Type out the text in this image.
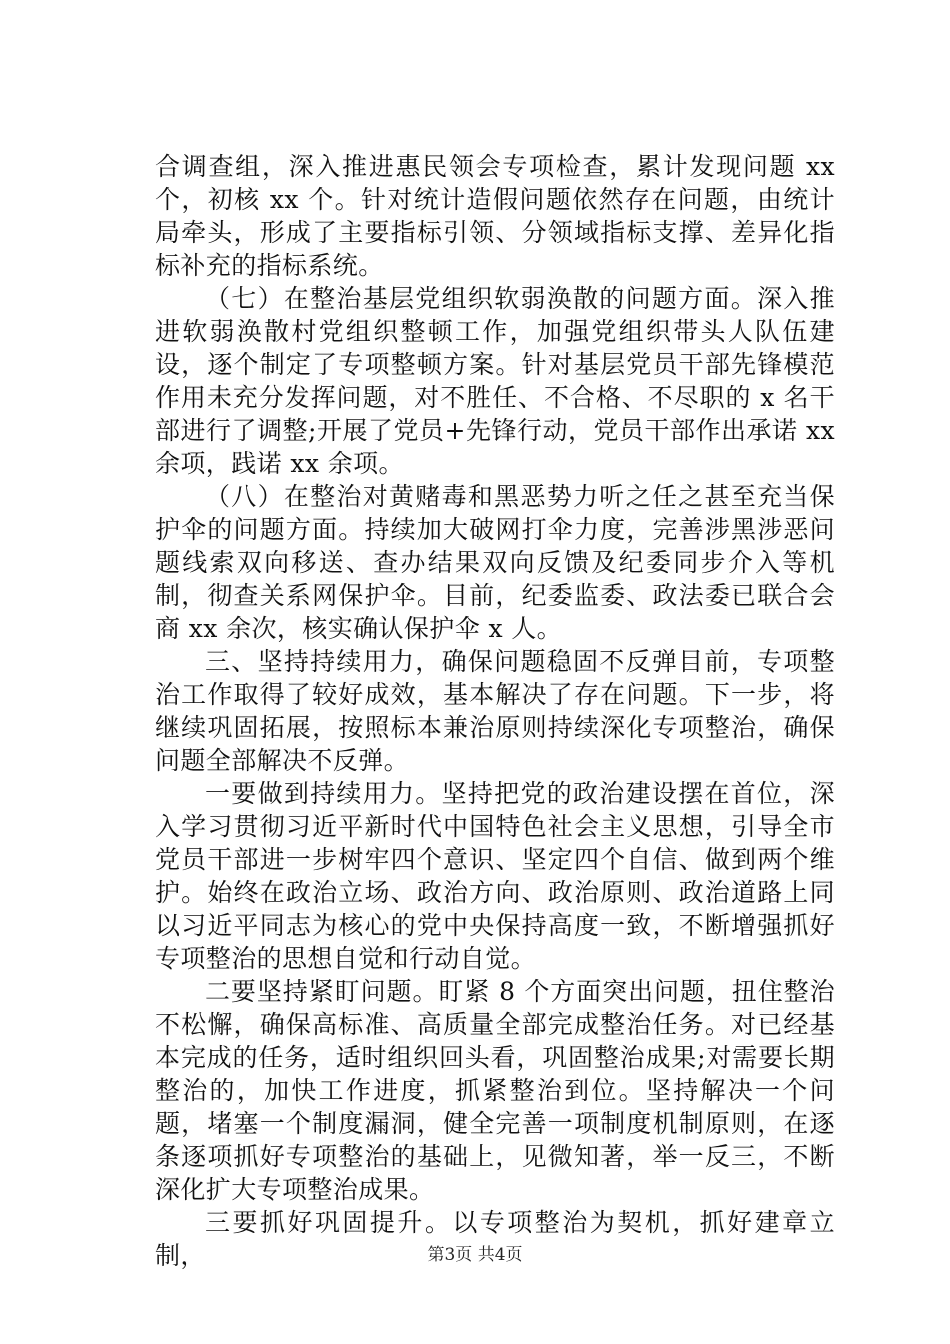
合调查组，深入推进惠民领会专项检查，累计发现问题 xx 个，初核 xx 个。针对统计造假问题依然存在问题，由统计局牵头，形成了主要指标引领、分领域指标支撑、差异化指标补充的指标系统。

（七）在整治基层党组织软弱涣散的问题方面。深入推进软弱涣散村党组织整顿工作，加强党组织带头人队伍建设，逐个制定了专项整顿方案。针对基层党员干部先锋模范作用未充分发挥问题，对不胜任、不合格、不尽职的 x 名干部进行了调整;开展了党员+先锋行动，党员干部作出承诺 xx 余项，践诺 xx 余项。

（八）在整治对黄赌毒和黑恶势力听之任之甚至充当保护伞的问题方面。持续加大破网打伞力度，完善涉黑涉恶问题线索双向移送、查办结果双向反馈及纪委同步介入等机制，彻查关系网保护伞。目前，纪委监委、政法委已联合会商 xx 余次，核实确认保护伞 x 人。

三、坚持持续用力，确保问题稳固不反弹目前，专项整治工作取得了较好成效，基本解决了存在问题。下一步，将继续巩固拓展，按照标本兼治原则持续深化专项整治，确保问题全部解决不反弹。

一要做到持续用力。坚持把党的政治建设摆在首位，深入学习贯彻习近平新时代中国特色社会主义思想，引导全市党员干部进一步树牢四个意识、坚定四个自信、做到两个维护。始终在政治立场、政治方向、政治原则、政治道路上同以习近平同志为核心的党中央保持高度一致，不断增强抓好专项整治的思想自觉和行动自觉。

二要坚持紧盯问题。盯紧 8 个方面突出问题，扭住整治不松懈，确保高标准、高质量全部完成整治任务。对已经基本完成的任务，适时组织回头看，巩固整治成果;对需要长期整治的，加快工作进度，抓紧整治到位。坚持解决一个问题，堵塞一个制度漏洞，健全完善一项制度机制原则，在逐条逐项抓好专项整治的基础上，见微知著，举一反三，不断深化扩大专项整治成果。

三要抓好巩固提升。以专项整治为契机，抓好建章立制，	第3页 共4页
